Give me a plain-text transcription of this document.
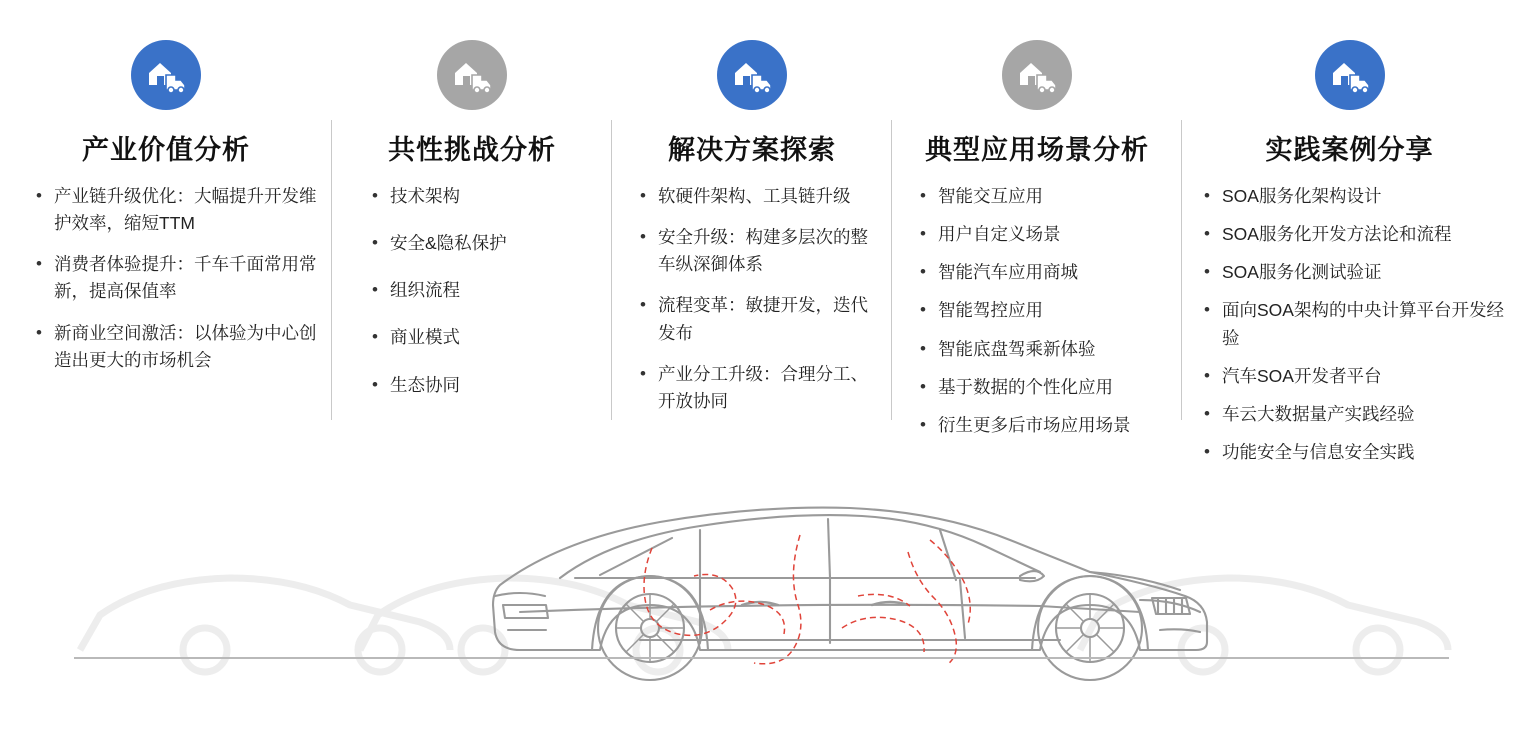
产业价值分析
• 产业链升级优化：大幅提升开发维护效率，缩短TTM
• 消费者体验提升：千车千面常用常新，提高保值率
• 新商业空间激活：以体验为中心创造出更大的市场机会
共性挑战分析
• 技术架构
• 安全&隐私保护
• 组织流程
• 商业模式
• 生态协同
解决方案探索
• 软硬件架构、工具链升级
• 安全升级：构建多层次的整车纵深御体系
• 流程变革：敏捷开发，迭代发布
• 产业分工升级：合理分工、开放协同
典型应用场景分析
• 智能交互应用
• 用户自定义场景
• 智能汽车应用商城
• 智能驾控应用
• 智能底盘驾乘新体验
• 基于数据的个性化应用
• 衍生更多后市场应用场景
实践案例分享
• SOA服务化架构设计
• SOA服务化开发方法论和流程
• SOA服务化测试验证
• 面向SOA架构的中央计算平台开发经验
• 汽车SOA开发者平台
• 车云大数据量产实践经验
• 功能安全与信息安全实践
